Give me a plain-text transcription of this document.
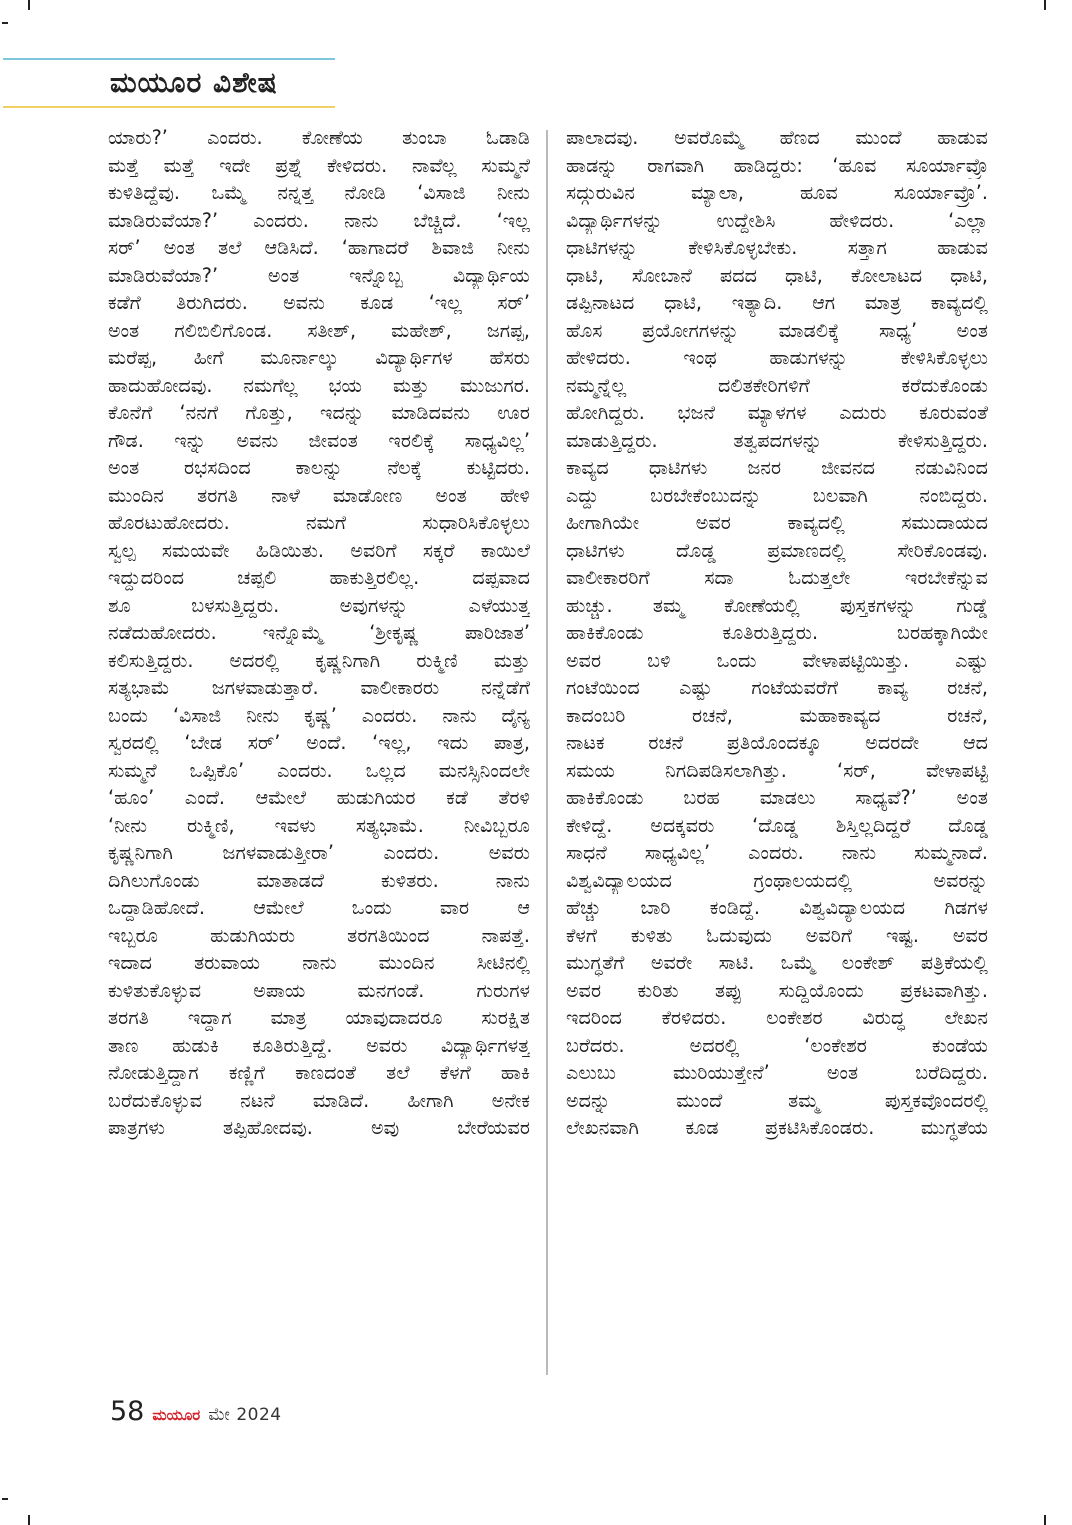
ಮಯೂರ ವಿಶೇಷ
ಯಾರು?’ ಎಂದರು. ಕೋಣೆಯ ತುಂಬಾ ಓಡಾಡಿ
ಮತ್ತೆ ಮತ್ತೆ ಇದೇ ಪ್ರಶ್ನೆ ಕೇಳಿದರು. ನಾವೆಲ್ಲ ಸುಮ್ಮನೆ
ಕುಳಿತಿದ್ದೆವು. ಒಮ್ಮೆ ನನ್ನತ್ತ ನೋಡಿ ‘ವಿಸಾಜಿ ನೀನು
ಮಾಡಿರುವೆಯಾ?’ ಎಂದರು. ನಾನು ಬೆಚ್ಚಿದೆ. ‘ಇಲ್ಲ
ಸರ್’ ಅಂತ ತಲೆ ಆಡಿಸಿದೆ. ‘ಹಾಗಾದರೆ ಶಿವಾಜಿ ನೀನು
ಮಾಡಿರುವೆಯಾ?’ ಅಂತ ಇನ್ನೊಬ್ಬ ವಿದ್ಯಾರ್ಥಿಯ
ಕಡೆಗೆ ತಿರುಗಿದರು. ಅವನು ಕೂಡ ‘ಇಲ್ಲ ಸರ್’
ಅಂತ ಗಲಿಬಿಲಿಗೊಂಡ. ಸತೀಶ್, ಮಹೇಶ್, ಜಗಪ್ಪ,
ಮರೆಪ್ಪ, ಹೀಗೆ ಮೂರ್ನಾಲ್ಕು ವಿದ್ಯಾರ್ಥಿಗಳ ಹೆಸರು
ಹಾದುಹೋದವು. ನಮಗೆಲ್ಲ ಭಯ ಮತ್ತು ಮುಜುಗರ.
ಕೊನೆಗೆ ‘ನನಗೆ ಗೊತ್ತು, ಇದನ್ನು ಮಾಡಿದವನು ಊರ
ಗೌಡ. ಇನ್ನು ಅವನು ಜೀವಂತ ಇರಲಿಕ್ಕೆ ಸಾಧ್ಯವಿಲ್ಲ’
ಅಂತ ರಭಸದಿಂದ ಕಾಲನ್ನು ನೆಲಕ್ಕೆ ಕುಟ್ಟಿದರು.
ಮುಂದಿನ ತರಗತಿ ನಾಳೆ ಮಾಡೋಣ ಅಂತ ಹೇಳಿ
ಹೊರಟುಹೋದರು. ನಮಗೆ ಸುಧಾರಿಸಿಕೊಳ್ಳಲು
ಸ್ವಲ್ಪ ಸಮಯವೇ ಹಿಡಿಯಿತು. ಅವರಿಗೆ ಸಕ್ಕರೆ ಕಾಯಿಲೆ
ಇದ್ದುದರಿಂದ ಚಪ್ಪಲಿ ಹಾಕುತ್ತಿರಲಿಲ್ಲ. ದಪ್ಪವಾದ
ಶೂ ಬಳಸುತ್ತಿದ್ದರು. ಅವುಗಳನ್ನು ಎಳೆಯುತ್ತ
ನಡೆದುಹೋದರು. ಇನ್ನೊಮ್ಮೆ ‘ಶ್ರೀಕೃಷ್ಣ ಪಾರಿಜಾತ’
ಕಲಿಸುತ್ತಿದ್ದರು. ಅದರಲ್ಲಿ ಕೃಷ್ಣನಿಗಾಗಿ ರುಕ್ಮಿಣಿ ಮತ್ತು
ಸತ್ಯಭಾಮೆ ಜಗಳವಾಡುತ್ತಾರೆ. ವಾಲೀಕಾರರು ನನ್ನೆಡೆಗೆ
ಬಂದು ‘ವಿಸಾಜಿ ನೀನು ಕೃಷ್ಣ’ ಎಂದರು. ನಾನು ದೈನ್ಯ
ಸ್ವರದಲ್ಲಿ ‘ಬೇಡ ಸರ್’ ಅಂದೆ. ‘ಇಲ್ಲ, ಇದು ಪಾತ್ರ,
ಸುಮ್ಮನೆ ಒಪ್ಪಿಕೊ’ ಎಂದರು. ಒಲ್ಲದ ಮನಸ್ಸಿನಿಂದಲೇ
‘ಹೂಂ’ ಎಂದೆ. ಆಮೇಲೆ ಹುಡುಗಿಯರ ಕಡೆ ತೆರಳಿ
‘ನೀನು ರುಕ್ಮಿಣಿ, ಇವಳು ಸತ್ಯಭಾಮೆ. ನೀವಿಬ್ಬರೂ
ಕೃಷ್ಣನಿಗಾಗಿ ಜಗಳವಾಡುತ್ತೀರಾ’ ಎಂದರು. ಅವರು
ದಿಗಿಲುಗೊಂಡು ಮಾತಾಡದೆ ಕುಳಿತರು. ನಾನು
ಒದ್ದಾಡಿಹೋದೆ. ಆಮೇಲೆ ಒಂದು ವಾರ ಆ
ಇಬ್ಬರೂ ಹುಡುಗಿಯರು ತರಗತಿಯಿಂದ ನಾಪತ್ತೆ.
ಇದಾದ ತರುವಾಯ ನಾನು ಮುಂದಿನ ಸೀಟಿನಲ್ಲಿ
ಕುಳಿತುಕೊಳ್ಳುವ ಅಪಾಯ ಮನಗಂಡೆ. ಗುರುಗಳ
ತರಗತಿ ಇದ್ದಾಗ ಮಾತ್ರ ಯಾವುದಾದರೂ ಸುರಕ್ಷಿತ
ತಾಣ ಹುಡುಕಿ ಕೂತಿರುತ್ತಿದ್ದೆ. ಅವರು ವಿದ್ಯಾರ್ಥಿಗಳತ್ತ
ನೋಡುತ್ತಿದ್ದಾಗ ಕಣ್ಣಿಗೆ ಕಾಣದಂತೆ ತಲೆ ಕೆಳಗೆ ಹಾಕಿ
ಬರೆದುಕೊಳ್ಳುವ ನಟನೆ ಮಾಡಿದೆ. ಹೀಗಾಗಿ ಅನೇಕ
ಪಾತ್ರಗಳು ತಪ್ಪಿಹೋದವು. ಅವು ಬೇರೆಯವರ
ಪಾಲಾದವು. ಅವರೊಮ್ಮೆ ಹೆಣದ ಮುಂದೆ ಹಾಡುವ
ಹಾಡನ್ನು ರಾಗವಾಗಿ ಹಾಡಿದ್ದರು: ‘ಹೂವ ಸೂರ್ಯಾವ್ರೊ
ಸದ್ಗುರುವಿನ ಮ್ಯಾಲಾ, ಹೂವ ಸೂರ್ಯಾವ್ರೊ’.
ವಿದ್ಯಾರ್ಥಿಗಳನ್ನು ಉದ್ದೇಶಿಸಿ ಹೇಳಿದರು. ‘ಎಲ್ಲಾ
ಧಾಟಿಗಳನ್ನು ಕೇಳಿಸಿಕೊಳ್ಳಬೇಕು. ಸತ್ತಾಗ ಹಾಡುವ
ಧಾಟಿ, ಸೋಬಾನೆ ಪದದ ಧಾಟಿ, ಕೋಲಾಟದ ಧಾಟಿ,
ಡಪ್ಪಿನಾಟದ ಧಾಟಿ, ಇತ್ಯಾದಿ. ಆಗ ಮಾತ್ರ ಕಾವ್ಯದಲ್ಲಿ
ಹೊಸ ಪ್ರಯೋಗಗಳನ್ನು ಮಾಡಲಿಕ್ಕೆ ಸಾಧ್ಯ’ ಅಂತ
ಹೇಳಿದರು. ಇಂಥ ಹಾಡುಗಳನ್ನು ಕೇಳಿಸಿಕೊಳ್ಳಲು
ನಮ್ಮನ್ನೆಲ್ಲ ದಲಿತಕೇರಿಗಳಿಗೆ ಕರೆದುಕೊಂಡು
ಹೋಗಿದ್ದರು. ಭಜನೆ ಮ್ಯಾಳಗಳ ಎದುರು ಕೂರುವಂತೆ
ಮಾಡುತ್ತಿದ್ದರು. ತತ್ವಪದಗಳನ್ನು ಕೇಳಿಸುತ್ತಿದ್ದರು.
ಕಾವ್ಯದ ಧಾಟಿಗಳು ಜನರ ಜೀವನದ ನಡುವಿನಿಂದ
ಎದ್ದು ಬರಬೇಕೆಂಬುದನ್ನು ಬಲವಾಗಿ ನಂಬಿದ್ದರು.
ಹೀಗಾಗಿಯೇ ಅವರ ಕಾವ್ಯದಲ್ಲಿ ಸಮುದಾಯದ
ಧಾಟಿಗಳು ದೊಡ್ಡ ಪ್ರಮಾಣದಲ್ಲಿ ಸೇರಿಕೊಂಡವು.
ವಾಲೀಕಾರರಿಗೆ ಸದಾ ಓದುತ್ತಲೇ ಇರಬೇಕೆನ್ನುವ
ಹುಚ್ಚು. ತಮ್ಮ ಕೋಣೆಯಲ್ಲಿ ಪುಸ್ತಕಗಳನ್ನು ಗುಡ್ಡೆ
ಹಾಕಿಕೊಂಡು ಕೂತಿರುತ್ತಿದ್ದರು. ಬರಹಕ್ಕಾಗಿಯೇ
ಅವರ ಬಳಿ ಒಂದು ವೇಳಾಪಟ್ಟಿಯಿತ್ತು. ಎಷ್ಟು
ಗಂಟೆಯಿಂದ ಎಷ್ಟು ಗಂಟೆಯವರೆಗೆ ಕಾವ್ಯ ರಚನೆ,
ಕಾದಂಬರಿ ರಚನೆ, ಮಹಾಕಾವ್ಯದ ರಚನೆ,
ನಾಟಕ ರಚನೆ ಪ್ರತಿಯೊಂದಕ್ಕೂ ಅದರದೇ ಆದ
ಸಮಯ ನಿಗದಿಪಡಿಸಲಾಗಿತ್ತು. ‘ಸರ್, ವೇಳಾಪಟ್ಟಿ
ಹಾಕಿಕೊಂಡು ಬರಹ ಮಾಡಲು ಸಾಧ್ಯವೆ?’ ಅಂತ
ಕೇಳಿದ್ದೆ. ಅದಕ್ಕವರು ‘ದೊಡ್ಡ ಶಿಸ್ತಿಲ್ಲದಿದ್ದರೆ ದೊಡ್ಡ
ಸಾಧನೆ ಸಾಧ್ಯವಿಲ್ಲ’ ಎಂದರು. ನಾನು ಸುಮ್ಮನಾದೆ.
ವಿಶ್ವವಿದ್ಯಾಲಯದ ಗ್ರಂಥಾಲಯದಲ್ಲಿ ಅವರನ್ನು
ಹೆಚ್ಚು ಬಾರಿ ಕಂಡಿದ್ದೆ. ವಿಶ್ವವಿದ್ಯಾಲಯದ ಗಿಡಗಳ
ಕೆಳಗೆ ಕುಳಿತು ಓದುವುದು ಅವರಿಗೆ ಇಷ್ಟ. ಅವರ
ಮುಗ್ಧತೆಗೆ ಅವರೇ ಸಾಟಿ. ಒಮ್ಮೆ ಲಂಕೇಶ್ ಪತ್ರಿಕೆಯಲ್ಲಿ
ಅವರ ಕುರಿತು ತಪ್ಪು ಸುದ್ದಿಯೊಂದು ಪ್ರಕಟವಾಗಿತ್ತು.
ಇದರಿಂದ ಕೆರಳಿದರು. ಲಂಕೇಶರ ವಿರುದ್ಧ ಲೇಖನ
ಬರೆದರು. ಅದರಲ್ಲಿ ‘ಲಂಕೇಶರ ಕುಂಡೆಯ
ಎಲುಬು ಮುರಿಯುತ್ತೇನೆ’ ಅಂತ ಬರೆದಿದ್ದರು.
ಅದನ್ನು ಮುಂದೆ ತಮ್ಮ ಪುಸ್ತಕವೊಂದರಲ್ಲಿ
ಲೇಖನವಾಗಿ ಕೂಡ ಪ್ರಕಟಿಸಿಕೊಂಡರು. ಮುಗ್ಧತೆಯ
58 ಮಯೂರ ಮೇ 2024
